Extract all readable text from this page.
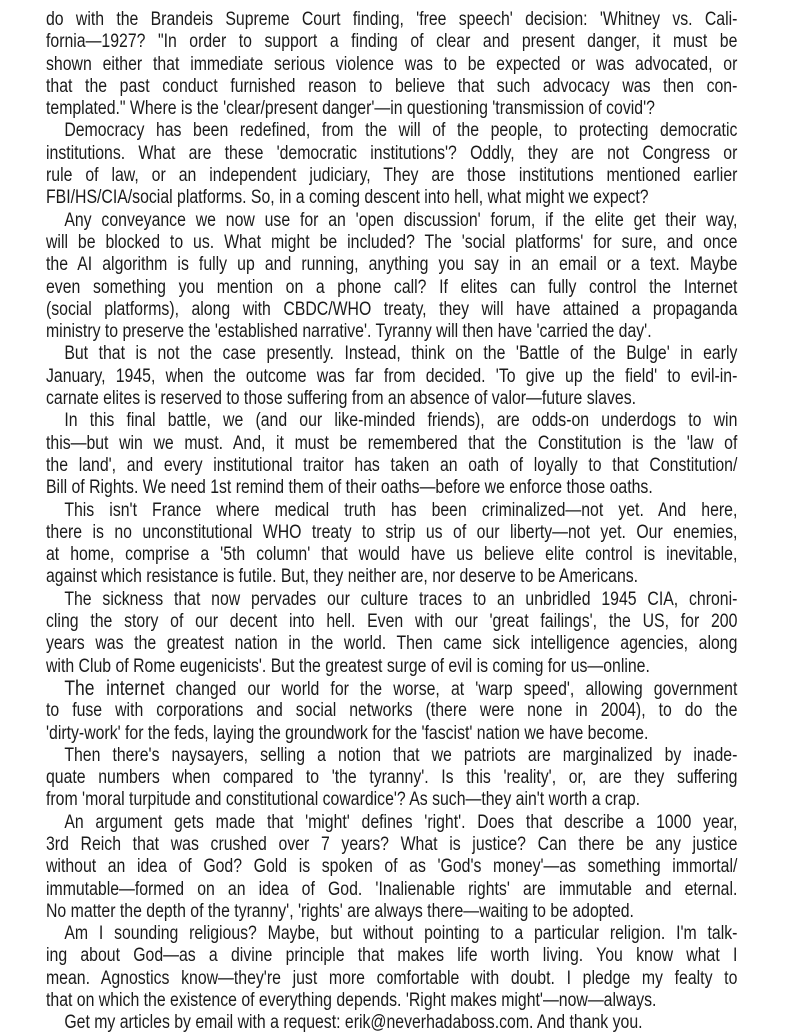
do with the Brandeis Supreme Court finding, 'free speech' decision: 'Whitney vs. Cali-
fornia—1927? "In order to support a finding of clear and present danger, it must be
shown either that immediate serious violence was to be expected or was advocated, or
that the past conduct furnished reason to believe that such advocacy was then con-
templated." Where is the 'clear/present danger'—in questioning 'transmission of covid'?
Democracy has been redefined, from the will of the people, to protecting democratic
institutions. What are these 'democratic institutions'? Oddly, they are not Congress or
rule of law, or an independent judiciary, They are those institutions mentioned earlier
FBI/HS/CIA/social platforms. So, in a coming descent into hell, what might we expect?
Any conveyance we now use for an 'open discussion' forum, if the elite get their way,
will be blocked to us. What might be included? The 'social platforms' for sure, and once
the AI algorithm is fully up and running, anything you say in an email or a text. Maybe
even something you mention on a phone call? If elites can fully control the Internet
(social platforms), along with CBDC/WHO treaty, they will have attained a propaganda
ministry to preserve the 'established narrative'. Tyranny will then have 'carried the day'.
But that is not the case presently. Instead, think on the 'Battle of the Bulge' in early
January, 1945, when the outcome was far from decided. 'To give up the field' to evil-in-
carnate elites is reserved to those suffering from an absence of valor—future slaves.
In this final battle, we (and our like-minded friends), are odds-on underdogs to win
this—but win we must. And, it must be remembered that the Constitution is the 'law of
the land', and every institutional traitor has taken an oath of loyally to that Constitution/
Bill of Rights. We need 1st remind them of their oaths—before we enforce those oaths.
This isn't France where medical truth has been criminalized—not yet. And here,
there is no unconstitutional WHO treaty to strip us of our liberty—not yet. Our enemies,
at home, comprise a '5th column' that would have us believe elite control is inevitable,
against which resistance is futile. But, they neither are, nor deserve to be Americans.
The sickness that now pervades our culture traces to an unbridled 1945 CIA, chroni-
cling the story of our decent into hell. Even with our 'great failings', the US, for 200
years was the greatest nation in the world. Then came sick intelligence agencies, along
with Club of Rome eugenicists'. But the greatest surge of evil is coming for us—online.
The internet changed our world for the worse, at 'warp speed', allowing government
to fuse with corporations and social networks (there were none in 2004), to do the
'dirty-work' for the feds, laying the groundwork for the 'fascist' nation we have become.
Then there's naysayers, selling a notion that we patriots are marginalized by inade-
quate numbers when compared to 'the tyranny'. Is this 'reality', or, are they suffering
from 'moral turpitude and constitutional cowardice'? As such—they ain't worth a crap.
An argument gets made that 'might' defines 'right'. Does that describe a 1000 year,
3rd Reich that was crushed over 7 years? What is justice? Can there be any justice
without an idea of God? Gold is spoken of as 'God's money'—as something immortal/
immutable—formed on an idea of God. 'Inalienable rights' are immutable and eternal.
No matter the depth of the tyranny', 'rights' are always there—waiting to be adopted.
Am I sounding religious? Maybe, but without pointing to a particular religion. I'm talk-
ing about God—as a divine principle that makes life worth living. You know what I
mean. Agnostics know—they're just more comfortable with doubt. I pledge my fealty to
that on which the existence of everything depends. 'Right makes might'—now—always.
Get my articles by email with a request: erik@neverhadaboss.com. And thank you.
